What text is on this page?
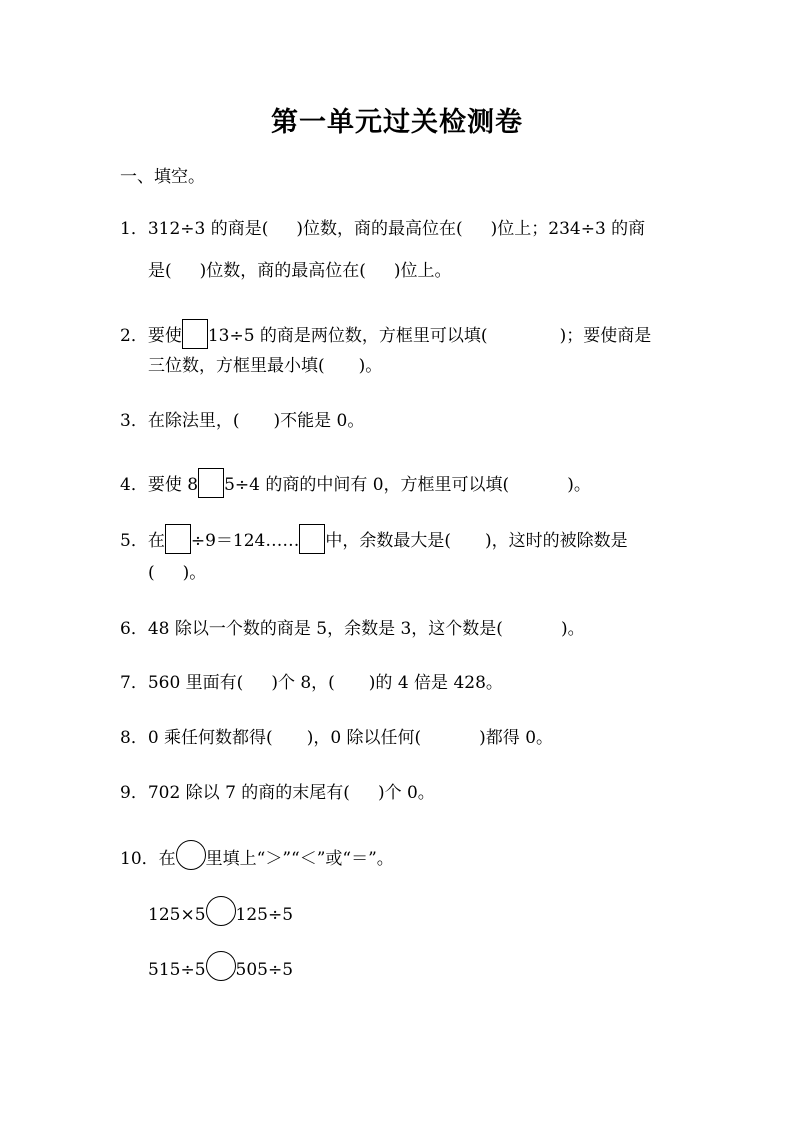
第一单元过关检测卷
一、填空。
1．312÷3 的商是( )位数，商的最高位在( )位上；234÷3 的商
是( )位数，商的最高位在( )位上。
2．要使 13÷5 的商是两位数，方框里可以填(	)；要使商是
三位数，方框里最小填( )。
3．在除法里，( )不能是 0。
4．要使 8 5÷4 的商的中间有 0，方框里可以填(	)。
5．在 ÷9＝124…… 中，余数最大是( )，这时的被除数是
( )。
6．48 除以一个数的商是 5，余数是 3，这个数是(	)。
7．560 里面有( )个 8，( )的 4 倍是 428。
8．0 乘任何数都得( )，0 除以任何(	)都得 0。
9．702 除以 7 的商的末尾有( )个 0。
10．在 里填上“＞”“＜”或“＝”。
125×5 125÷5
515÷5 505÷5
